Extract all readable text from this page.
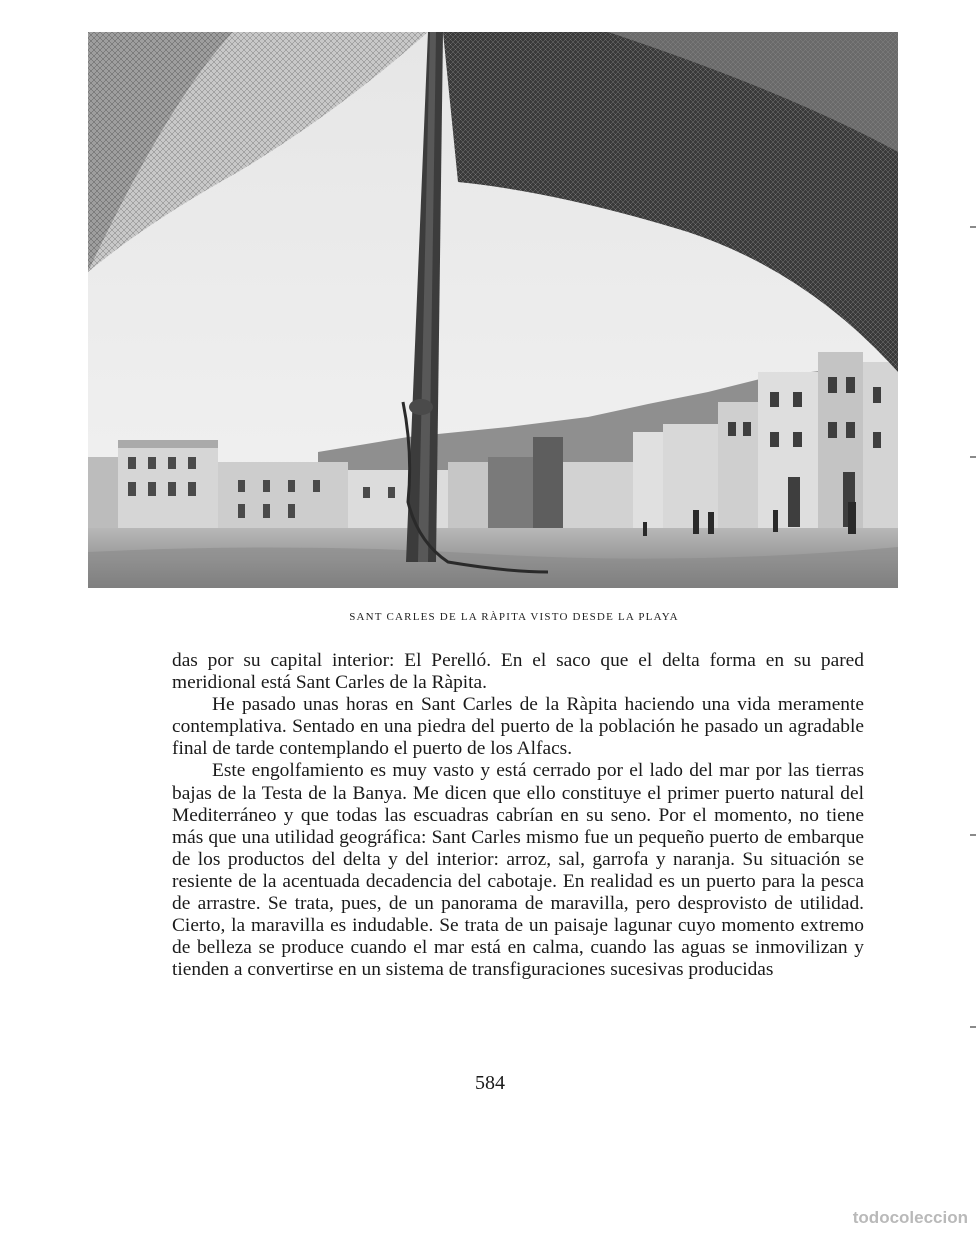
SANT CARLES DE LA RÀPITA VISTO DESDE LA PLAYA

das por su capital interior: El Perelló. En el saco que el delta forma en su pared meridional está Sant Carles de la Ràpita.

He pasado unas horas en Sant Carles de la Ràpita haciendo una vida meramente contemplativa. Sentado en una piedra del puerto de la población he pasado un agradable final de tarde contemplando el puerto de los Alfacs.

Este engolfamiento es muy vasto y está cerrado por el lado del mar por las tierras bajas de la Testa de la Banya. Me dicen que ello constituye el primer puerto natural del Mediterráneo y que todas las escuadras cabrían en su seno. Por el momento, no tiene más que una utilidad geográfica: Sant Carles mismo fue un pequeño puerto de embarque de los productos del delta y del interior: arroz, sal, garrofa y naranja. Su situación se resiente de la acentuada decadencia del cabotaje. En realidad es un puerto para la pesca de arrastre. Se trata, pues, de un panorama de maravilla, pero desprovisto de utilidad. Cierto, la maravilla es indudable. Se trata de un paisaje lagunar cuyo momento extremo de belleza se produce cuando el mar está en calma, cuando las aguas se inmovilizan y tienden a convertirse en un sistema de transfiguraciones sucesivas producidas

584
todocoleccion
